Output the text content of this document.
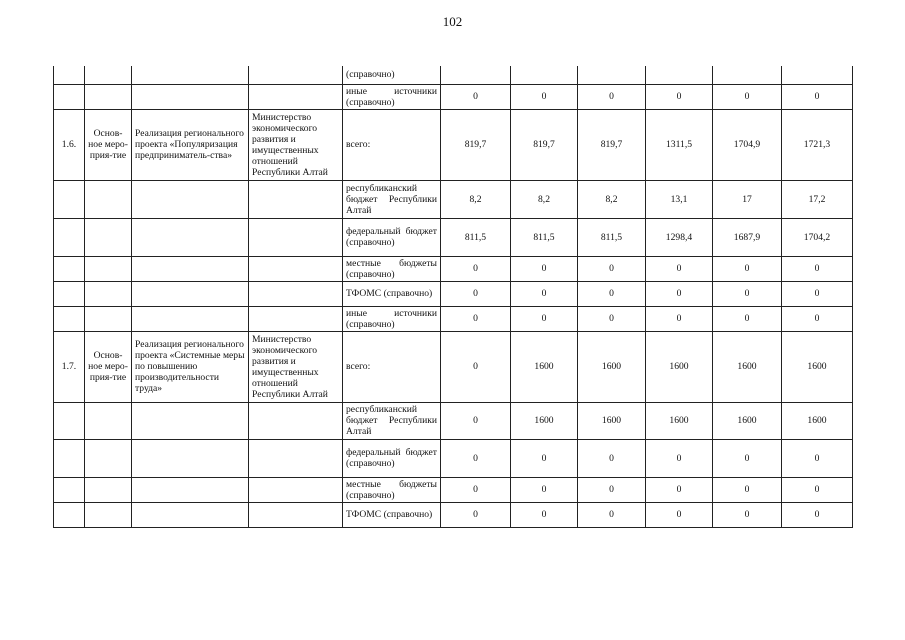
102
				(справочно)						
				иные источники (справочно)	0	0	0	0	0	0
1.6.	Основ-ное меро-прия-тие	Реализация регионального проекта «Популяризация предприниматель-ства»	Министерство экономического развития и имущественных отношений Республики Алтай	всего:	819,7	819,7	819,7	1311,5	1704,9	1721,3
				республиканский бюджет Республики Алтай	8,2	8,2	8,2	13,1	17	17,2
				федеральный бюджет (справочно)	811,5	811,5	811,5	1298,4	1687,9	1704,2
				местные бюджеты (справочно)	0	0	0	0	0	0
				ТФОМС (справочно)	0	0	0	0	0	0
				иные источники (справочно)	0	0	0	0	0	0
1.7.	Основ-ное меро-прия-тие	Реализация регионального проекта «Системные меры по повышению производительности труда»	Министерство экономического развития и имущественных отношений Республики Алтай	всего:	0	1600	1600	1600	1600	1600
				республиканский бюджет Республики Алтай	0	1600	1600	1600	1600	1600
				федеральный бюджет (справочно)	0	0	0	0	0	0
				местные бюджеты (справочно)	0	0	0	0	0	0
				ТФОМС (справочно)	0	0	0	0	0	0
